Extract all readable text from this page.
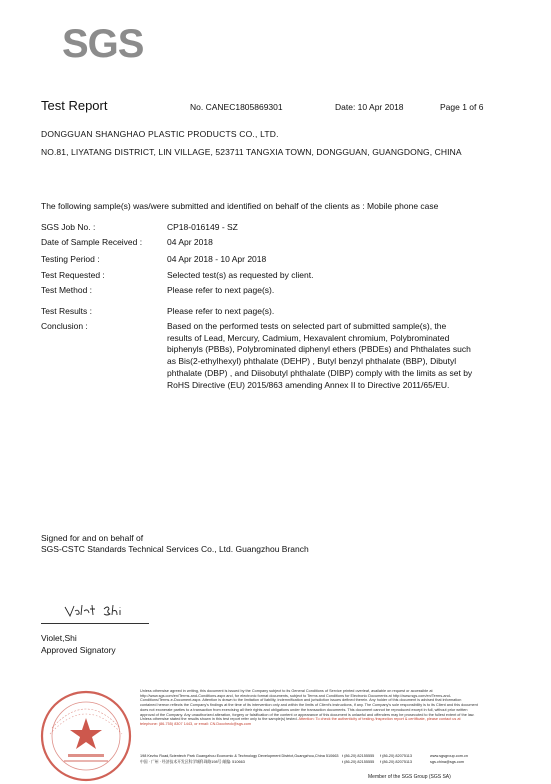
SGS
Test Report	No. CANEC1805869301	Date: 10 Apr 2018	Page 1 of 6
DONGGUAN SHANGHAO PLASTIC PRODUCTS CO., LTD.
NO.81, LIYATANG DISTRICT, LIN VILLAGE, 523711 TANGXIA TOWN, DONGGUAN, GUANGDONG, CHINA
The following sample(s) was/were submitted and identified on behalf of the clients as : Mobile phone case
SGS Job No. :	CP18-016149 - SZ
Date of Sample Received :	04 Apr 2018
Testing Period :	04 Apr 2018 - 10 Apr 2018
Test Requested :	Selected test(s) as requested by client.
Test Method :	Please refer to next page(s).
Test Results :	Please refer to next page(s).
Conclusion :	Based on the performed tests on selected part of submitted sample(s), the
results of Lead, Mercury, Cadmium, Hexavalent chromium, Polybrominated
biphenyls (PBBs), Polybrominated diphenyl ethers (PBDEs) and Phthalates such
as Bis(2-ethylhexyl) phthalate (DEHP) , Butyl benzyl phthalate (BBP), Dibutyl
phthalate (DBP) , and Diisobutyl phthalate (DIBP) comply with the limits as set by
RoHS Directive (EU) 2015/863 amending Annex II to Directive 2011/65/EU.
Signed for and on behalf of
SGS-CSTC Standards Technical Services Co., Ltd. Guangzhou Branch
Violet,Shi
Approved Signatory
Unless otherwise agreed in writing, this document is issued by the Company subject to its General Conditions of Service printed overleaf, available on request or accessible at http://www.sgs.com/en/Terms-and-Conditions.aspx and, for electronic format documents, subject to Terms and Conditions for Electronic Documents at http://www.sgs.com/en/Terms-and-Conditions/Terms-e-Document.aspx. Attention is drawn to the limitation of liability, indemnification and jurisdiction issues defined therein. Any holder of this document is advised that information contained hereon reflects the Company's findings at the time of its intervention only and within the limits of Client's instructions, if any. The Company's sole responsibility is to its Client and this document does not exonerate parties to a transaction from exercising all their rights and obligations under the transaction documents. This document cannot be reproduced except in full, without prior written approval of the Company. Any unauthorized alteration, forgery or falsification of the content or appearance of this document is unlawful and offenders may be prosecuted to the fullest extent of the law. Unless otherwise stated the results shown in this test report refer only to the sample(s) tested. Attention: To check the authenticity of testing /inspection report & certificate, please contact us at telephone: (86-755) 8307 1443, or email: CN.Doccheck@sgs.com
198 Kezhu Road,Scientech Park Guangzhou Economic & Technology Development District,Guangzhou,China 510663
中国 · 广州 · 经济技术开发区科学城科珠路198号 邮编: 510663
t (86-20) 82155555
t (86-20) 82155555
f (86-20) 82075113
f (86-20) 82075113
www.sgsgroup.com.cn
sgs.china@sgs.com
Member of the SGS Group (SGS SA)
